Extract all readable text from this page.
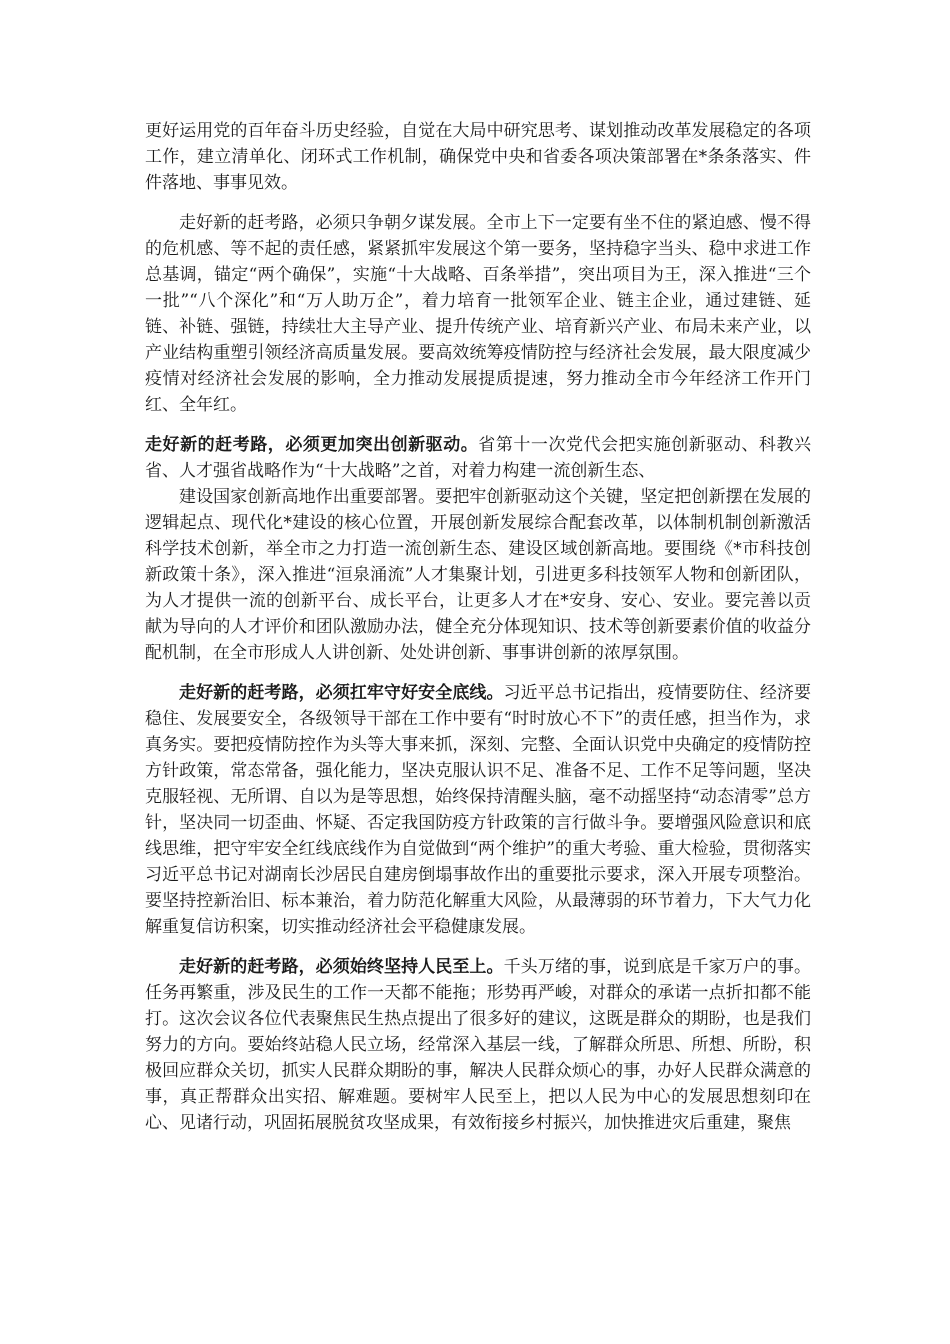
更好运用党的百年奋斗历史经验，自觉在大局中研究思考、谋划推动改革发展稳定的各项工作，建立清单化、闭环式工作机制，确保党中央和省委各项决策部署在*条条落实、件件落地、事事见效。

走好新的赶考路，必须只争朝夕谋发展。全市上下一定要有坐不住的紧迫感、慢不得的危机感、等不起的责任感，紧紧抓牢发展这个第一要务，坚持稳字当头、稳中求进工作总基调，锚定“两个确保”，实施“十大战略、百条举措”，突出项目为王，深入推进“三个一批”“八个深化”和“万人助万企”，着力培育一批领军企业、链主企业，通过建链、延链、补链、强链，持续壮大主导产业、提升传统产业、培育新兴产业、布局未来产业，以产业结构重塑引领经济高质量发展。要高效统筹疫情防控与经济社会发展，最大限度减少疫情对经济社会发展的影响，全力推动发展提质提速，努力推动全市今年经济工作开门红、全年红。

走好新的赶考路，必须更加突出创新驱动。省第十一次党代会把实施创新驱动、科教兴省、人才强省战略作为“十大战略”之首，对着力构建一流创新生态、

建设国家创新高地作出重要部署。要把牢创新驱动这个关键，坚定把创新摆在发展的逻辑起点、现代化*建设的核心位置，开展创新发展综合配套改革，以体制机制创新激活科学技术创新，举全市之力打造一流创新生态、建设区域创新高地。要围绕《*市科技创新政策十条》，深入推进“洹泉涌流”人才集聚计划，引进更多科技领军人物和创新团队，为人才提供一流的创新平台、成长平台，让更多人才在*安身、安心、安业。要完善以贡献为导向的人才评价和团队激励办法，健全充分体现知识、技术等创新要素价值的收益分配机制，在全市形成人人讲创新、处处讲创新、事事讲创新的浓厚氛围。

走好新的赶考路，必须扛牢守好安全底线。习近平总书记指出，疫情要防住、经济要稳住、发展要安全，各级领导干部在工作中要有“时时放心不下”的责任感，担当作为，求真务实。要把疫情防控作为头等大事来抓，深刻、完整、全面认识党中央确定的疫情防控方针政策，常态常备，强化能力，坚决克服认识不足、准备不足、工作不足等问题，坚决克服轻视、无所谓、自以为是等思想，始终保持清醒头脑，毫不动摇坚持“动态清零”总方针，坚决同一切歪曲、怀疑、否定我国防疫方针政策的言行做斗争。要增强风险意识和底线思维，把守牢安全红线底线作为自觉做到“两个维护”的重大考验、重大检验，贯彻落实习近平总书记对湖南长沙居民自建房倒塌事故作出的重要批示要求，深入开展专项整治。要坚持控新治旧、标本兼治，着力防范化解重大风险，从最薄弱的环节着力，下大气力化解重复信访积案，切实推动经济社会平稳健康发展。

走好新的赶考路，必须始终坚持人民至上。千头万绪的事，说到底是千家万户的事。任务再繁重，涉及民生的工作一天都不能拖；形势再严峻，对群众的承诺一点折扣都不能打。这次会议各位代表聚焦民生热点提出了很多好的建议，这既是群众的期盼，也是我们努力的方向。要始终站稳人民立场，经常深入基层一线，了解群众所思、所想、所盼，积极回应群众关切，抓实人民群众期盼的事，解决人民群众烦心的事，办好人民群众满意的事，真正帮群众出实招、解难题。要树牢人民至上，把以人民为中心的发展思想刻印在心、见诸行动，巩固拓展脱贫攻坚成果，有效衔接乡村振兴，加快推进灾后重建，聚焦
